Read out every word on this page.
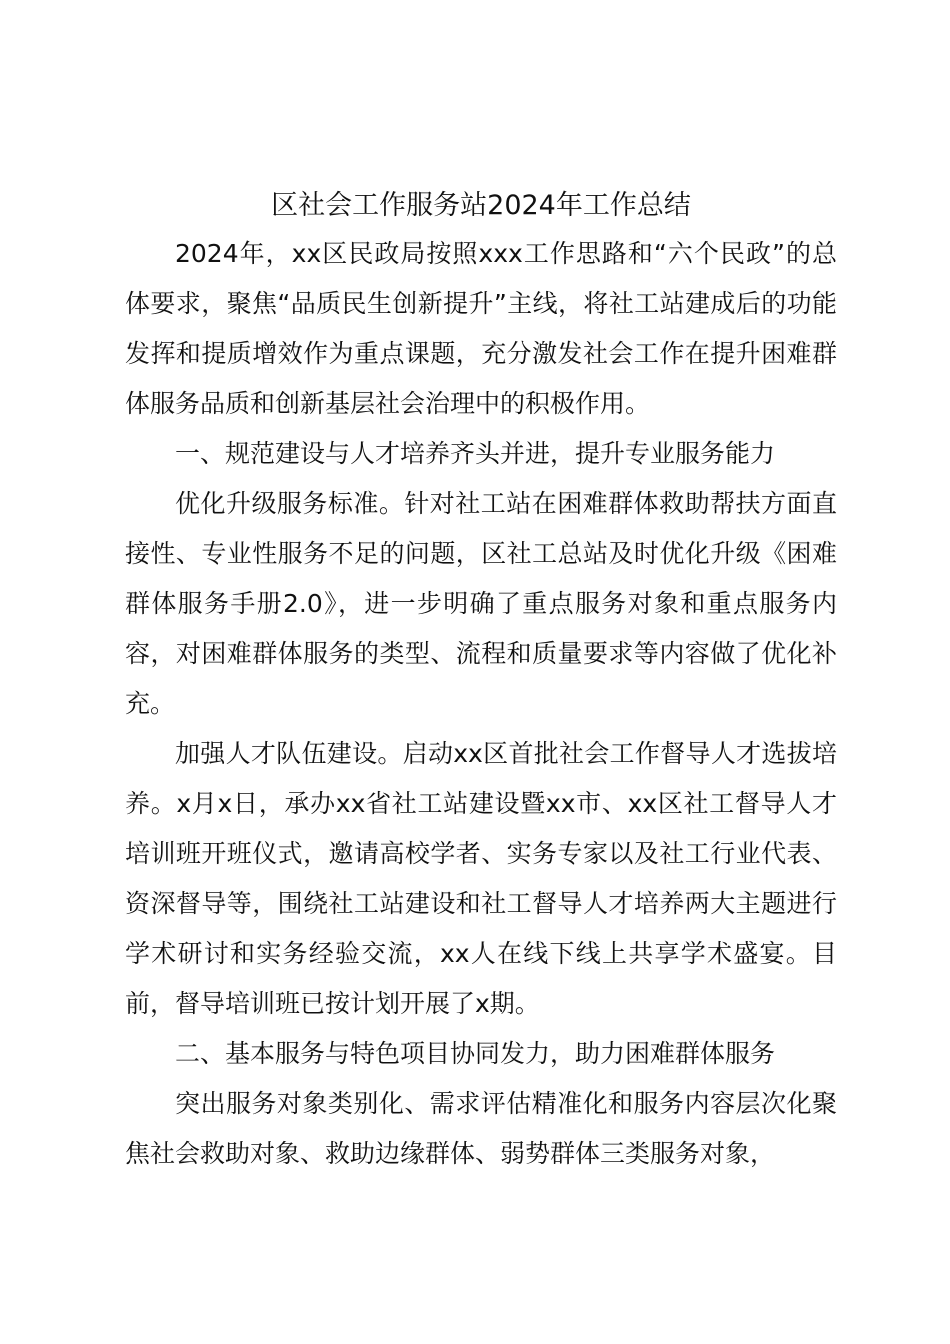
区社会工作服务站2024年工作总结

2024年，xx区民政局按照xxx工作思路和“六个民政”的总体要求，聚焦“品质民生创新提升”主线，将社工站建成后的功能发挥和提质增效作为重点课题，充分激发社会工作在提升困难群体服务品质和创新基层社会治理中的积极作用。

一、规范建设与人才培养齐头并进，提升专业服务能力

优化升级服务标准。针对社工站在困难群体救助帮扶方面直接性、专业性服务不足的问题，区社工总站及时优化升级《困难群体服务手册2.0》，进一步明确了重点服务对象和重点服务内容，对困难群体服务的类型、流程和质量要求等内容做了优化补充。

加强人才队伍建设。启动xx区首批社会工作督导人才选拔培养。x月x日，承办xx省社工站建设暨xx市、xx区社工督导人才培训班开班仪式，邀请高校学者、实务专家以及社工行业代表、资深督导等，围绕社工站建设和社工督导人才培养两大主题进行学术研讨和实务经验交流，xx人在线下线上共享学术盛宴。目前，督导培训班已按计划开展了x期。

二、基本服务与特色项目协同发力，助力困难群体服务

突出服务对象类别化、需求评估精准化和服务内容层次化聚焦社会救助对象、救助边缘群体、弱势群体三类服务对象，
